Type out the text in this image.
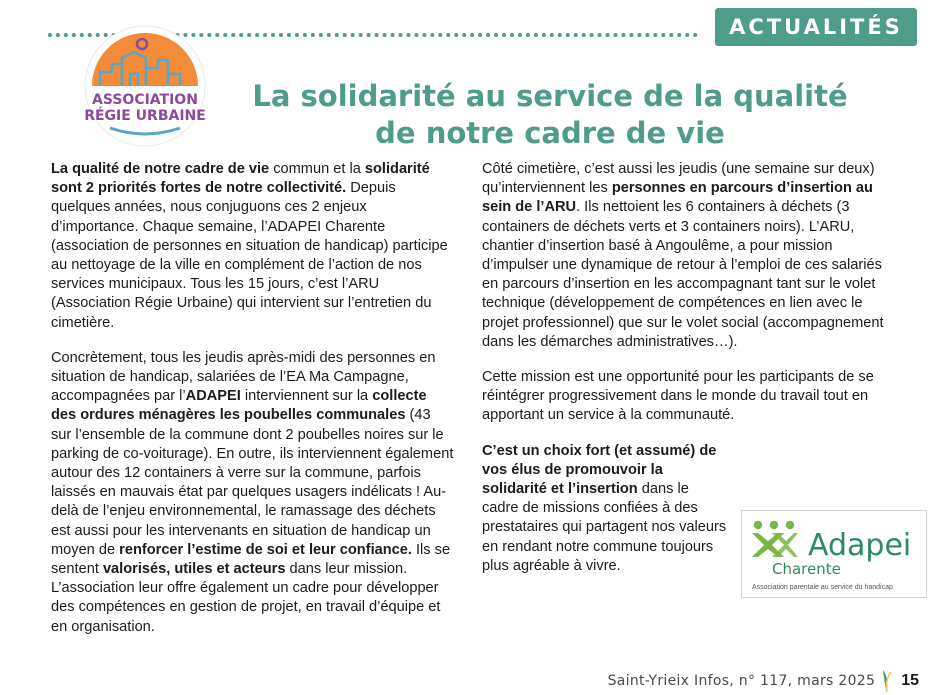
ACTUALITÉS
ASSOCIATION
RÉGIE URBAINE
La solidarité au service de la qualité
de notre cadre de vie

La qualité de notre cadre de vie commun et la solidarité sont 2 priorités fortes de notre collectivité. Depuis quelques années, nous conjuguons ces 2 enjeux d’importance. Chaque semaine, l’ADAPEI Charente (association de personnes en situation de handicap) participe au nettoyage de la ville en complément de l’action de nos services municipaux. Tous les 15 jours, c’est l’ARU (Association Régie Urbaine) qui intervient sur l’entretien du cimetière.

Concrètement, tous les jeudis après-midi des personnes en situation de handicap, salariées de l’EA Ma Campagne, accompagnées par l’ADAPEI interviennent sur la collecte des ordures ménagères les poubelles communales (43 sur l’ensemble de la commune dont 2 poubelles noires sur le parking de co-voiturage). En outre, ils interviennent également autour des 12 containers à verre sur la commune, parfois laissés en mauvais état par quelques usagers indélicats ! Au-delà de l’enjeu environnemental, le ramassage des déchets est aussi pour les intervenants en situation de handicap un moyen de renforcer l’estime de soi et leur confiance. Ils se sentent valorisés, utiles et acteurs dans leur mission. L’association leur offre également un cadre pour développer des compétences en gestion de projet, en travail d’équipe et en organisation.

Côté cimetière, c’est aussi les jeudis (une semaine sur deux) qu’interviennent les personnes en parcours d’insertion au sein de l’ARU. Ils nettoient les 6 containers à déchets (3 containers de déchets verts et 3 containers noirs). L’ARU, chantier d’insertion basé à Angoulême, a pour mission d’impulser une dynamique de retour à l’emploi de ces salariés en parcours d’insertion en les accompagnant tant sur le volet technique (développement de compétences en lien avec le projet professionnel) que sur le volet social (accompagnement dans les démarches administratives…).

Cette mission est une opportunité pour les participants de se réintégrer progressivement dans le monde du travail tout en apportant un service à la communauté.

C’est un choix fort (et assumé) de vos élus de promouvoir la solidarité et l’insertion dans le cadre de missions confiées à des prestataires qui partagent nos valeurs en rendant notre commune toujours plus agréable à vivre.

Adapei
Charente
Association parentale au service du handicap
Saint-Yrieix Infos, n° 117, mars 2025 15
